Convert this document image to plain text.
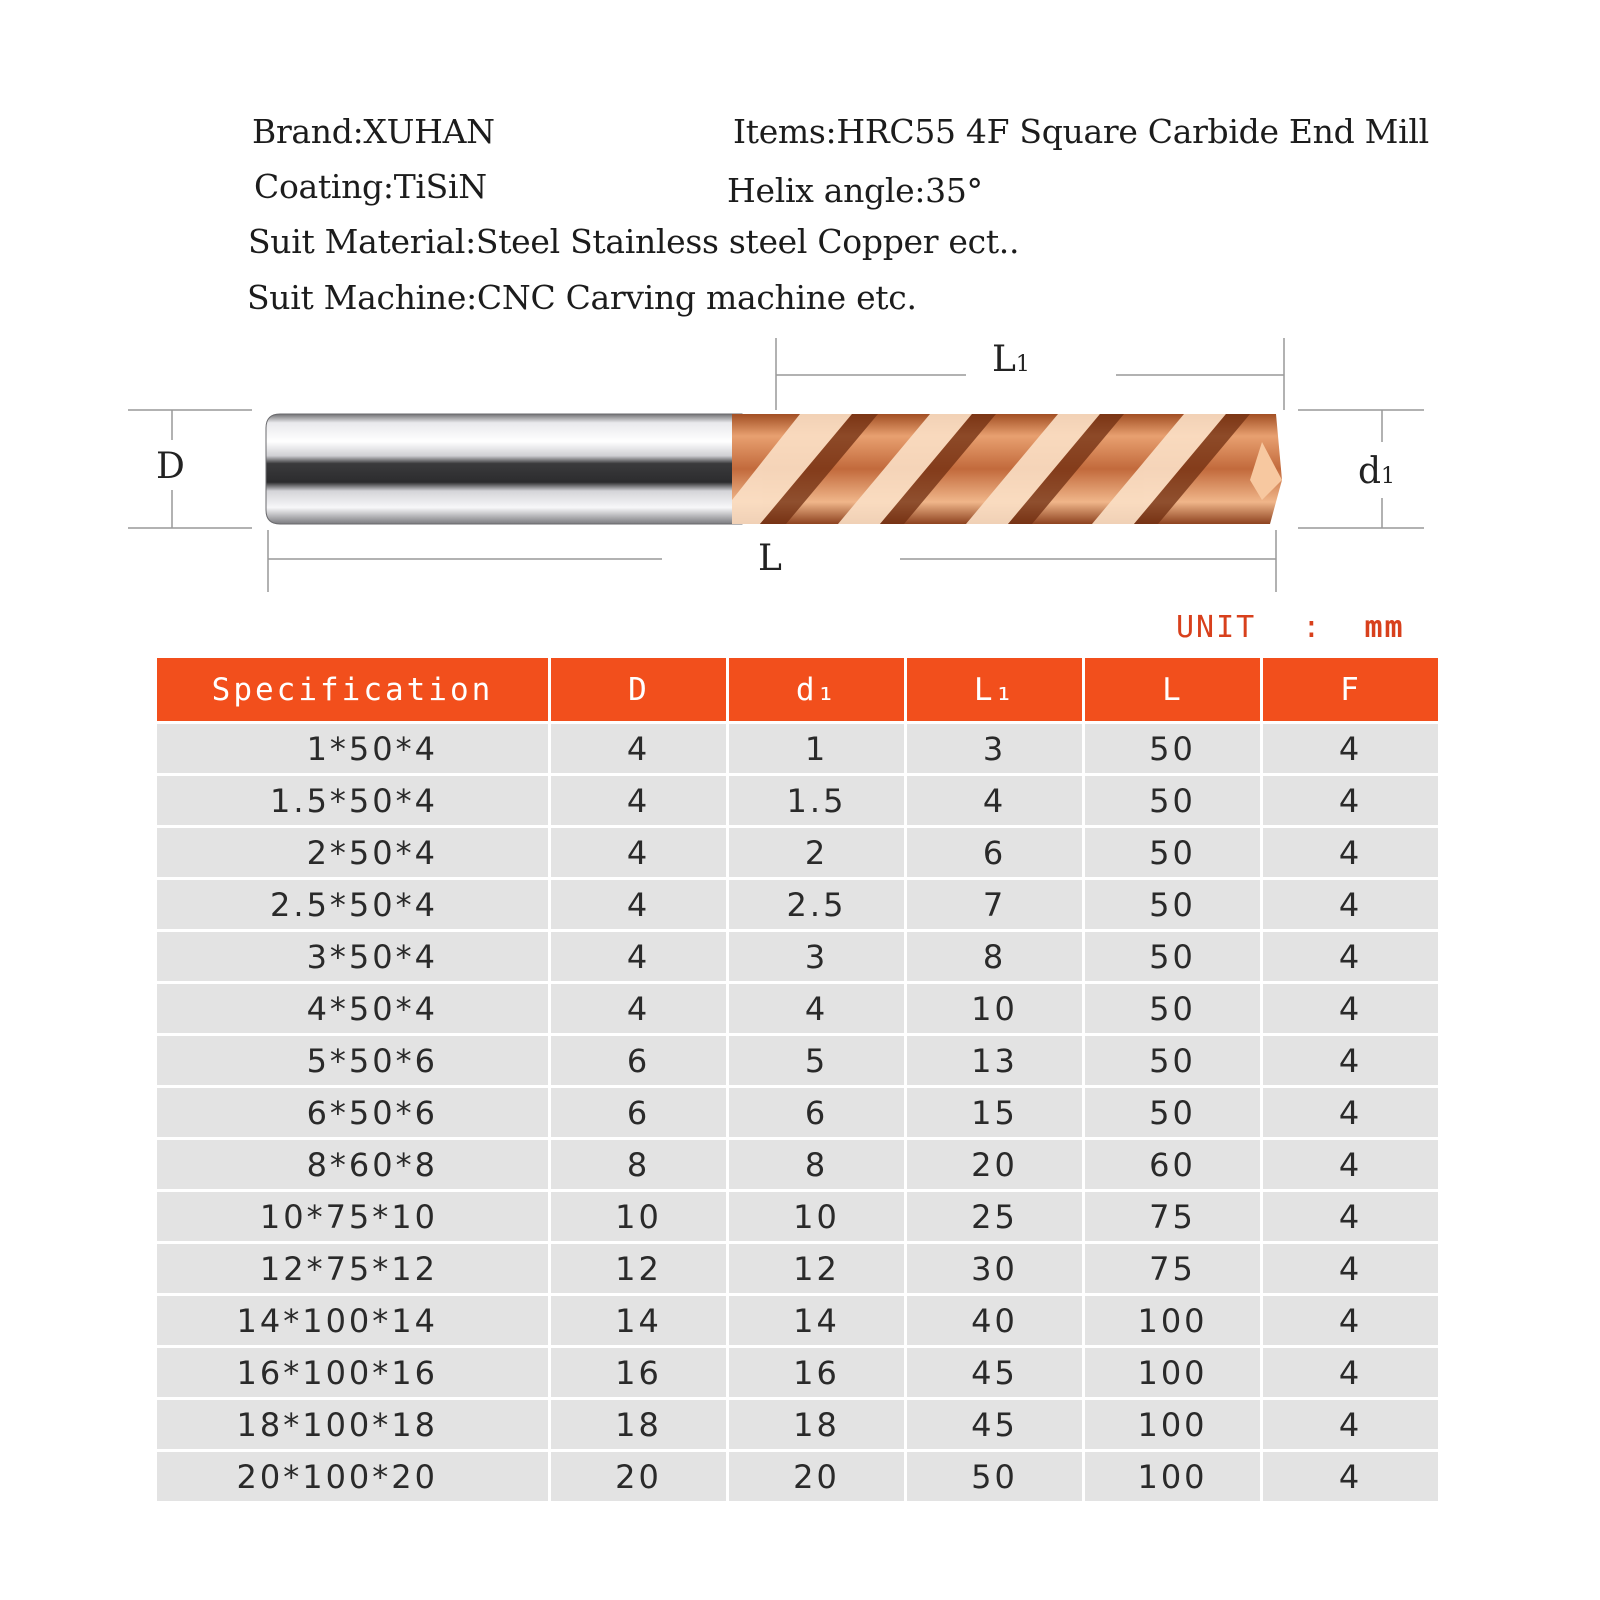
Brand:XUHAN	Items:HRC55 4F Square Carbide End Mill
Coating:TiSiN	Helix angle:35°
Suit Material:Steel Stainless steel Copper ect..
Suit Machine:CNC Carving machine etc.
L1
D	d1
L
UNIT : mm
Specification	D	d₁	L₁	L	F
1*50*4	4	1	3	50	4
1.5*50*4	4	1.5	4	50	4
2*50*4	4	2	6	50	4
2.5*50*4	4	2.5	7	50	4
3*50*4	4	3	8	50	4
4*50*4	4	4	10	50	4
5*50*6	6	5	13	50	4
6*50*6	6	6	15	50	4
8*60*8	8	8	20	60	4
10*75*10	10	10	25	75	4
12*75*12	12	12	30	75	4
14*100*14	14	14	40	100	4
16*100*16	16	16	45	100	4
18*100*18	18	18	45	100	4
20*100*20	20	20	50	100	4
